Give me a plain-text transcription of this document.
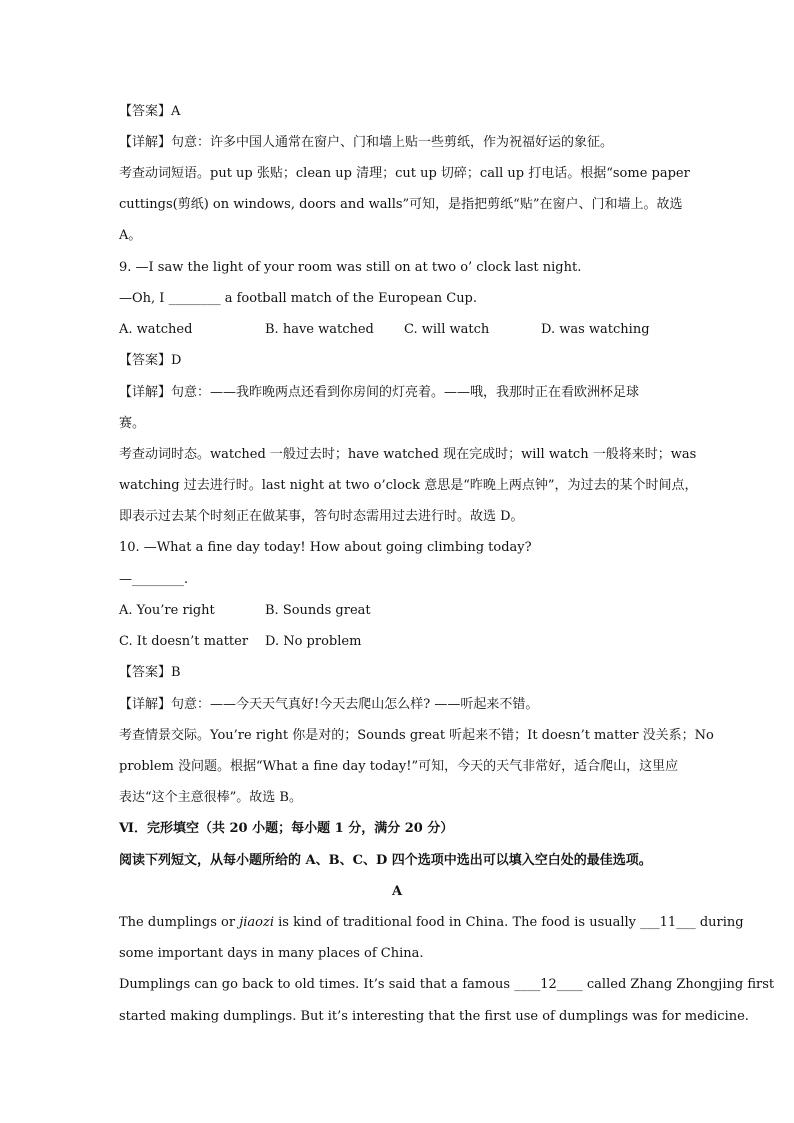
【答案】A
【详解】句意：许多中国人通常在窗户、门和墙上贴一些剪纸，作为祝福好运的象征。
考查动词短语。put up 张贴；clean up 清理；cut up 切碎；call up 打电话。根据“some paper
cuttings(剪纸) on windows, doors and walls”可知，是指把剪纸“贴”在窗户、门和墙上。故选
A。
9. —I saw the light of your room was still on at two o’ clock last night.
—Oh, I ________ a football match of the European Cup.
A. watched	B. have watched C. will watch	D. was watching
【答案】D
【详解】句意：——我昨晚两点还看到你房间的灯亮着。——哦，我那时正在看欧洲杯足球
赛。
考查动词时态。watched 一般过去时；have watched 现在完成时；will watch 一般将来时；was
watching 过去进行时。last night at two o’clock 意思是“昨晚上两点钟”，为过去的某个时间点，
即表示过去某个时刻正在做某事，答句时态需用过去进行时。故选 D。
10. —What a fine day today! How about going climbing today?
—________.
A. You’re right	B. Sounds great
C. It doesn’t matter D. No problem
【答案】B
【详解】句意：——今天天气真好!今天去爬山怎么样? ——听起来不错。
考查情景交际。You’re right 你是对的；Sounds great 听起来不错；It doesn’t matter 没关系；No
problem 没问题。根据“What a fine day today!”可知，今天的天气非常好，适合爬山，这里应
表达“这个主意很棒”。故选 B。
Ⅵ．完形填空（共 20 小题；每小题 1 分，满分 20 分）
阅读下列短文，从每小题所给的 A、B、C、D 四个选项中选出可以填入空白处的最佳选项。
A
The dumplings or jiaozi is kind of traditional food in China. The food is usually ___11___ during
some important days in many places of China.
Dumplings can go back to old times. It’s said that a famous ____12____ called Zhang Zhongjing first
started making dumplings. But it’s interesting that the first use of dumplings was for medicine.
